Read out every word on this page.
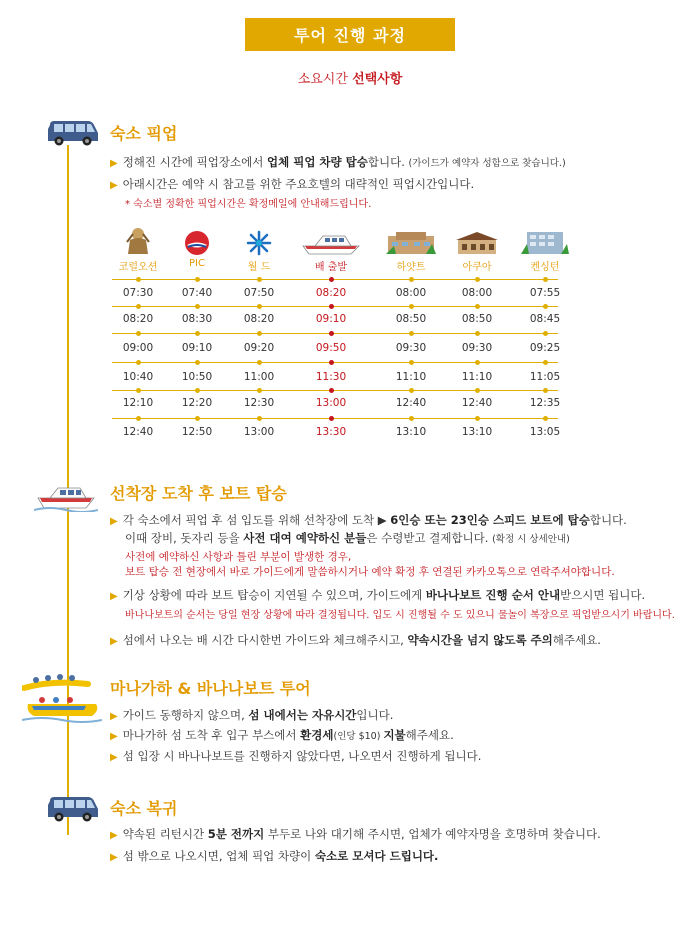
투어 진행 과정
소요시간 선택사항
숙소 픽업
▶ 정해진 시간에 픽업장소에서 업체 픽업 차량 탑승합니다. (가이드가 예약자 성함으로 찾습니다.)
▶ 아래시간은 예약 시 참고를 위한 주요호텔의 대략적인 픽업시간입니다.
* 숙소별 정확한 픽업시간은 확정메일에 안내해드립니다.
코럴오션	PIC	월 드	배 출발	하얏트	아쿠아	켄싱턴
07:30	07:40	07:50	08:20	08:00	08:00	07:55
08:20	08:30	08:20	09:10	08:50	08:50	08:45
09:00	09:10	09:20	09:50	09:30	09:30	09:25
10:40	10:50	11:00	11:30	11:10	11:10	11:05
12:10	12:20	12:30	13:00	12:40	12:40	12:35
12:40	12:50	13:00	13:30	13:10	13:10	13:05
선착장 도착 후 보트 탑승
▶ 각 숙소에서 픽업 후 섬 입도를 위해 선착장에 도착 ▶ 6인승 또는 23인승 스피드 보트에 탑승합니다.
이때 장비, 돗자리 등을 사전 대여 예약하신 분들은 수령받고 결제합니다. (확정 시 상세안내)
사전에 예약하신 사항과 틀린 부분이 발생한 경우,
보트 탑승 전 현장에서 바로 가이드에게 말씀하시거나 예약 확정 후 연결된 카카오톡으로 연락주셔야합니다.
▶ 기상 상황에 따라 보트 탑승이 지연될 수 있으며, 가이드에게 바나나보트 진행 순서 안내받으시면 됩니다.
바나나보트의 순서는 당일 현장 상황에 따라 결정됩니다. 입도 시 진행될 수 도 있으니 물놀이 복장으로 픽업받으시기 바랍니다.
▶ 섬에서 나오는 배 시간 다시한번 가이드와 체크해주시고, 약속시간을 넘지 않도록 주의해주세요.
마나가하 & 바나나보트 투어
▶ 가이드 동행하지 않으며, 섬 내에서는 자유시간입니다.
▶ 마나가하 섬 도착 후 입구 부스에서 환경세(인당 $10) 지불해주세요.
▶ 섬 입장 시 바나나보트를 진행하지 않았다면, 나오면서 진행하게 됩니다.
숙소 복귀
▶ 약속된 리턴시간 5분 전까지 부두로 나와 대기해 주시면, 업체가 예약자명을 호명하며 찾습니다.
▶ 섬 밖으로 나오시면, 업체 픽업 차량이 숙소로 모셔다 드립니다.
